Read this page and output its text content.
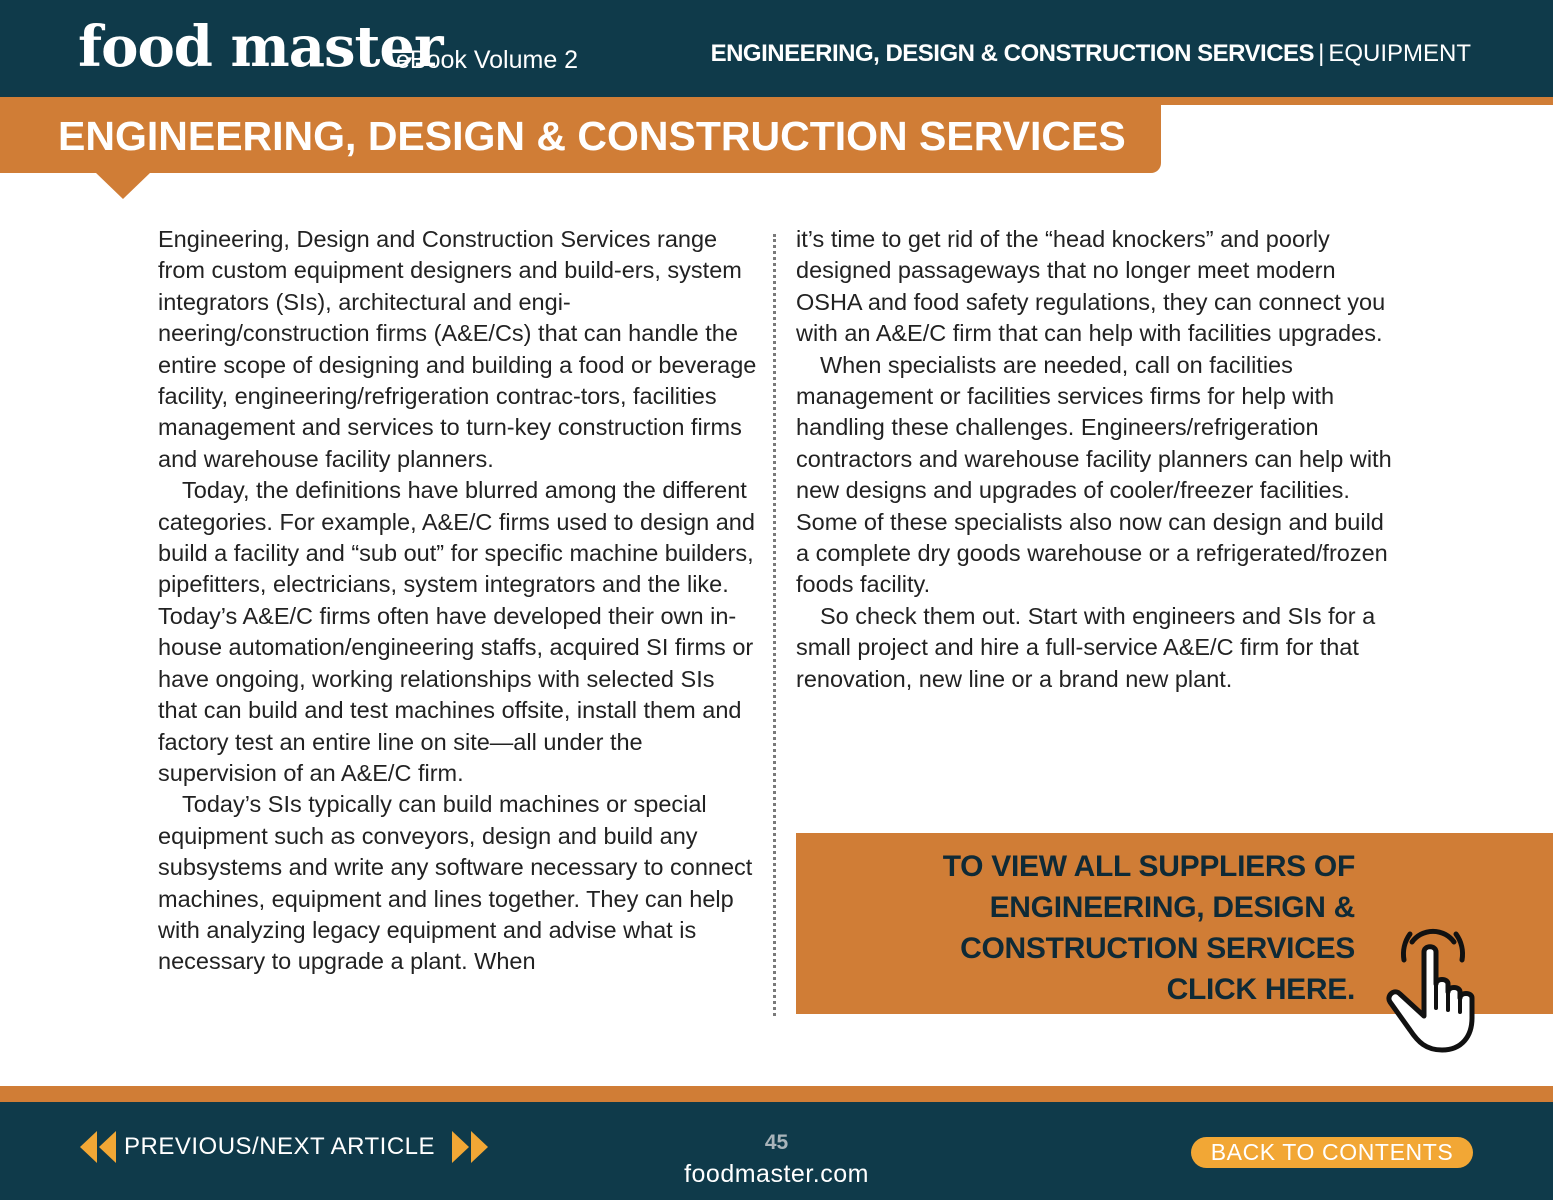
food master
eBook Volume 2	ENGINEERING, DESIGN & CONSTRUCTION SERVICES | EQUIPMENT
ENGINEERING, DESIGN & CONSTRUCTION SERVICES

Engineering, Design and Construction Services range from custom equipment designers and build-ers, system integrators (SIs), architectural and engi-neering/construction firms (A&E/Cs) that can handle the entire scope of designing and building a food or beverage facility, engineering/refrigeration contrac-tors, facilities management and services to turn-key construction firms and warehouse facility planners.

Today, the definitions have blurred among the different categories. For example, A&E/C firms used to design and build a facility and “sub out” for specific machine builders, pipefitters, electricians, system integrators and the like. Today’s A&E/C firms often have developed their own in-house automation/engineering staffs, acquired SI firms or have ongoing, working relationships with selected SIs that can build and test machines offsite, install them and factory test an entire line on site—all under the supervision of an A&E/C firm.

Today’s SIs typically can build machines or special equipment such as conveyors, design and build any subsystems and write any software necessary to connect machines, equipment and lines together. They can help with analyzing legacy equipment and advise what is necessary to upgrade a plant. When

it’s time to get rid of the “head knockers” and poorly designed passageways that no longer meet modern OSHA and food safety regulations, they can connect you with an A&E/C firm that can help with facilities upgrades.

When specialists are needed, call on facilities management or facilities services firms for help with handling these challenges. Engineers/refrigeration contractors and warehouse facility planners can help with new designs and upgrades of cooler/freezer facilities. Some of these specialists also now can design and build a complete dry goods warehouse or a refrigerated/frozen foods facility.

So check them out. Start with engineers and SIs for a small project and hire a full-service A&E/C firm for that renovation, new line or a brand new plant.

TO VIEW ALL SUPPLIERS OF
ENGINEERING, DESIGN &
CONSTRUCTION SERVICES
CLICK HERE.
PREVIOUS/NEXT ARTICLE	45
foodmaster.com
BACK TO CONTENTS
